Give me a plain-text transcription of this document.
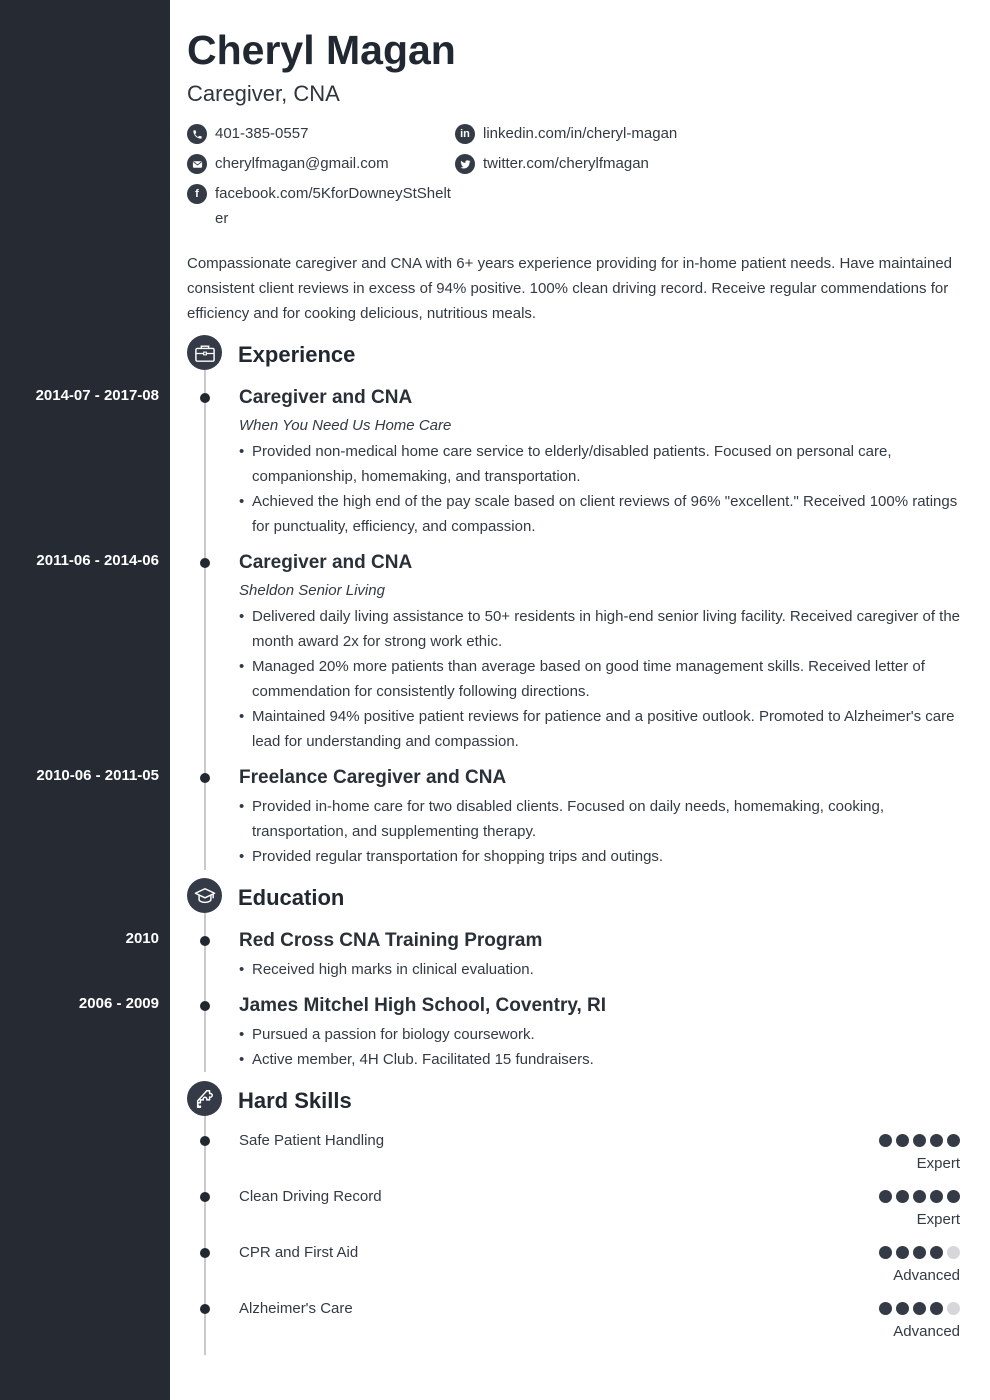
Cheryl Magan
Caregiver, CNA
401-385-0557	in linkedin.com/in/cheryl-magan
cherylfmagan@gmail.com	twitter.com/cherylfmagan
f	facebook.com/5KforDowneyStShelt
er
Compassionate caregiver and CNA with 6+ years experience providing for in-home patient needs. Have maintained consistent client reviews in excess of 94% positive. 100% clean driving record. Receive regular commendations for efficiency and for cooking delicious, nutritious meals.
Experience
2014-07 - 2017-08	Caregiver and CNA
When You Need Us Home Care
• Provided non-medical home care service to elderly/disabled patients. Focused on personal care, companionship, homemaking, and transportation.
• Achieved the high end of the pay scale based on client reviews of 96% "excellent." Received 100% ratings for punctuality, efficiency, and compassion.
2011-06 - 2014-06	Caregiver and CNA
Sheldon Senior Living
• Delivered daily living assistance to 50+ residents in high-end senior living facility. Received caregiver of the month award 2x for strong work ethic.
• Managed 20% more patients than average based on good time management skills. Received letter of commendation for consistently following directions.
• Maintained 94% positive patient reviews for patience and a positive outlook. Promoted to Alzheimer's care lead for understanding and compassion.
2010-06 - 2011-05	Freelance Caregiver and CNA
• Provided in-home care for two disabled clients. Focused on daily needs, homemaking, cooking, transportation, and supplementing therapy.
• Provided regular transportation for shopping trips and outings.
Education
2010	Red Cross CNA Training Program
• Received high marks in clinical evaluation.
2006 - 2009	James Mitchel High School, Coventry, RI
• Pursued a passion for biology coursework.
• Active member, 4H Club. Facilitated 15 fundraisers.
Hard Skills
Safe Patient Handling
Expert
Clean Driving Record
Expert
CPR and First Aid
Advanced
Alzheimer's Care
Advanced
